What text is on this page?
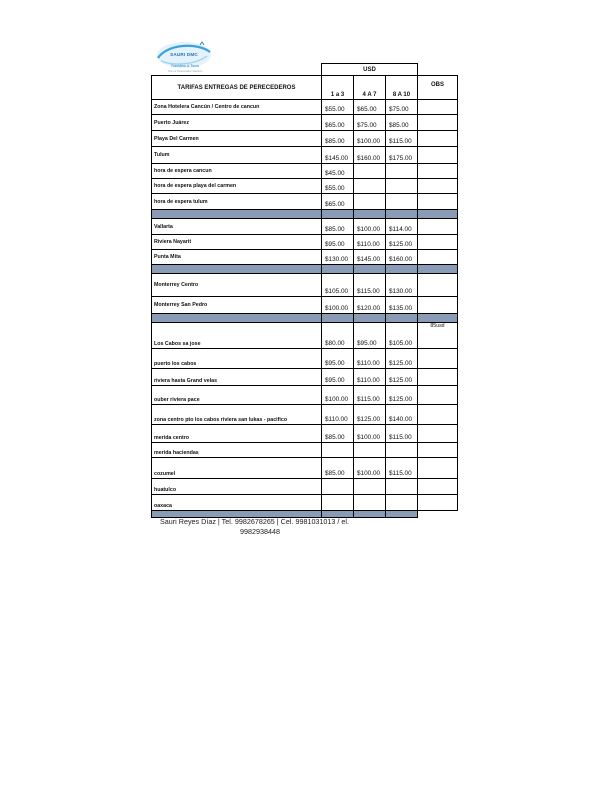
SAURI DMC
Transfers & Tours
Tours & Transportation Solutions
		USD			
TARIFAS ENTREGAS DE PERECEDEROS	1 a 3	4 A 7	8 A 10	OBS
Zona Hotelera Cancún / Centro de cancun	$55.00	$65.00	$75.00	
Puerto Juárez	$65.00	$75.00	$85.00	
Playa Del Carmen	$85.00	$100.00	$115.00	
Tulum	$145.00	$160.00	$175.00	
hora de espera cancun	$45.00			
hora de espera playa del carmen	$55.00			
hora de espera tulum	$65.00			

Vallarta	$85.00	$100.00	$114.00	
Riviera Nayarit	$95.00	$110.00	$125.00	
Punta Mita	$130.00	$145.00	$160.00	

Monterrey Centro	$105.00	$115.00	$130.00	
Monterrey San Pedro	$100.00	$120.00	$135.00	

Los Cabos sa jose	$80.00	$95.00	$105.00	85usd
puerto los cabos	$95.00	$110.00	$125.00	
riviera hasta Grand velas	$95.00	$110.00	$125.00	
ouber riviera pace	$100.00	$115.00	$125.00	
zona centro pto los cabos riviera san lukas - pacifico	$110.00	$125.00	$140.00	
merida centro	$85.00	$100.00	$115.00	
merida haciendas				
cozumel	$85.00	$100.00	$115.00	
huatulco				
oaxaca				

Sauri Reyes Díaz | Tel. 9982678265 | Cel. 9981031013 / el.

9982938448
